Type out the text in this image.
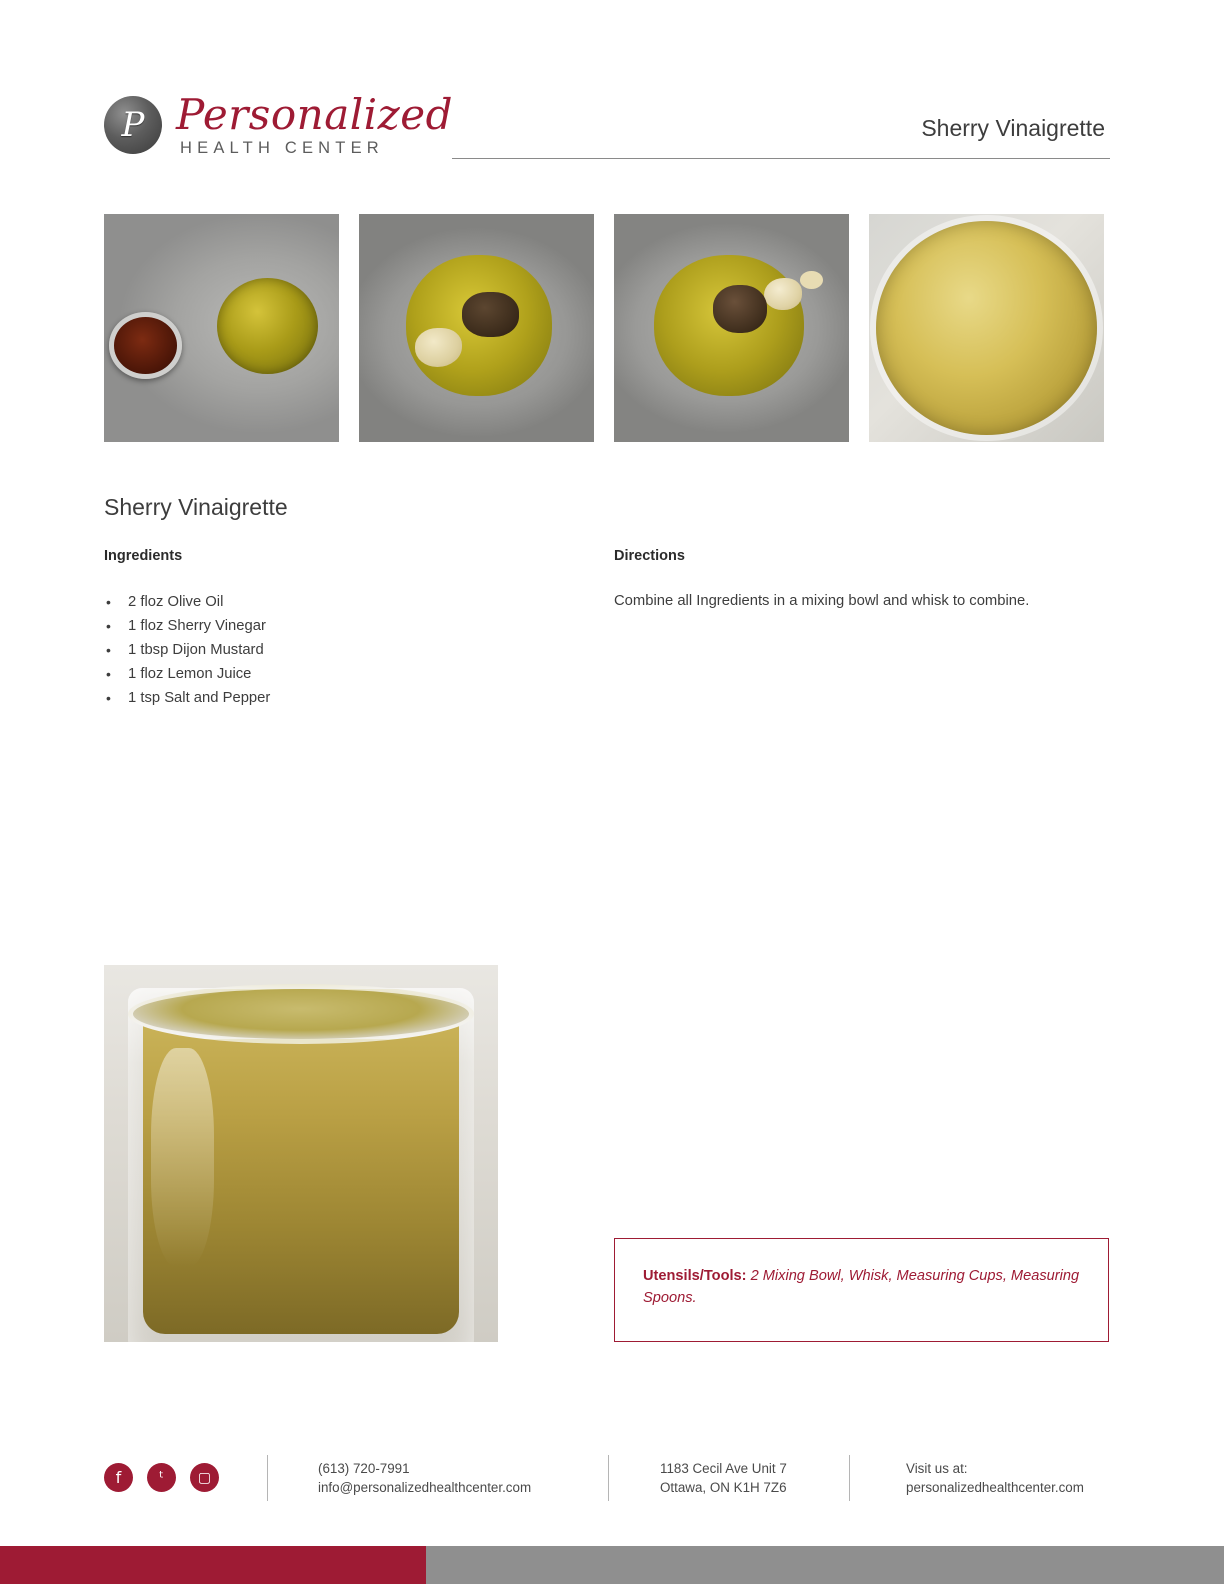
P
Personalized
HEALTH CENTER
Sherry Vinaigrette
Sherry Vinaigrette
Ingredients
• 2 floz Olive Oil
• 1 floz Sherry Vinegar
• 1 tbsp Dijon Mustard
• 1 floz Lemon Juice
• 1 tsp Salt and Pepper
Directions

Combine all Ingredients in a mixing bowl and whisk to combine.

Utensils/Tools: 2 Mixing Bowl, Whisk, Measuring Cups, Measuring Spoons.

f	ᵗ	▢
(613) 720-7991
info@personalizedhealthcenter.com
1183 Cecil Ave Unit 7
Ottawa, ON K1H 7Z6
Visit us at:
personalizedhealthcenter.com
